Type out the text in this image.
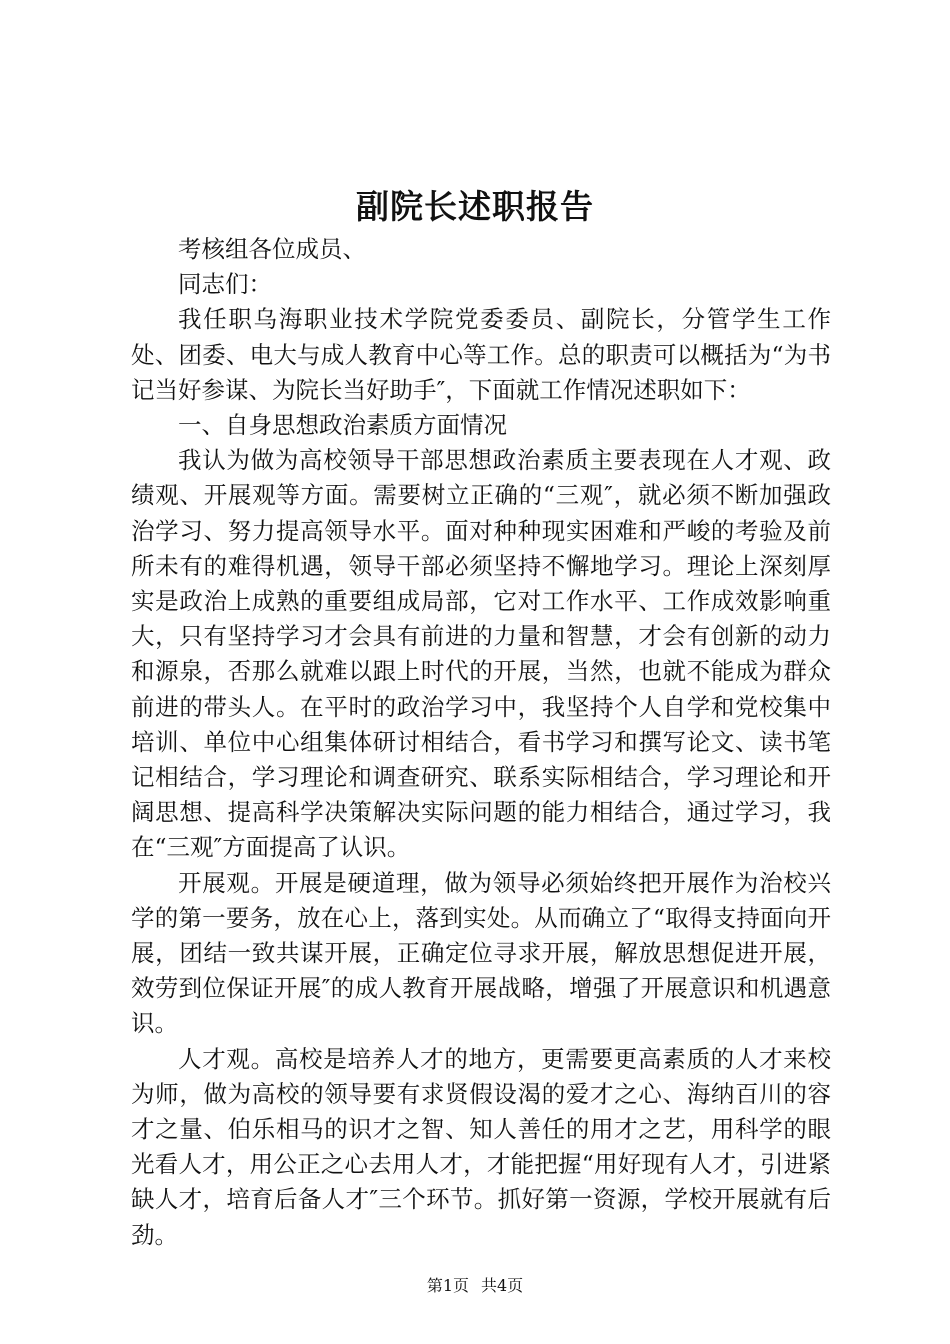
副院长述职报告

考核组各位成员、

同志们：

我任职乌海职业技术学院党委委员、副院长，分管学生工作处、团委、电大与成人教育中心等工作。总的职责可以概括为“为书记当好参谋、为院长当好助手″，下面就工作情况述职如下：

一、自身思想政治素质方面情况

我认为做为高校领导干部思想政治素质主要表现在人才观、政绩观、开展观等方面。需要树立正确的“三观″，就必须不断加强政治学习、努力提高领导水平。面对种种现实困难和严峻的考验及前所未有的难得机遇，领导干部必须坚持不懈地学习。理论上深刻厚实是政治上成熟的重要组成局部，它对工作水平、工作成效影响重大，只有坚持学习才会具有前进的力量和智慧，才会有创新的动力和源泉，否那么就难以跟上时代的开展，当然，也就不能成为群众前进的带头人。在平时的政治学习中，我坚持个人自学和党校集中培训、单位中心组集体研讨相结合，看书学习和撰写论文、读书笔记相结合，学习理论和调查研究、联系实际相结合，学习理论和开阔思想、提高科学决策解决实际问题的能力相结合，通过学习，我在“三观″方面提高了认识。

开展观。开展是硬道理，做为领导必须始终把开展作为治校兴学的第一要务，放在心上，落到实处。从而确立了“取得支持面向开展，团结一致共谋开展，正确定位寻求开展，解放思想促进开展，效劳到位保证开展″的成人教育开展战略，增强了开展意识和机遇意识。

人才观。高校是培养人才的地方，更需要更高素质的人才来校为师，做为高校的领导要有求贤假设渴的爱才之心、海纳百川的容才之量、伯乐相马的识才之智、知人善任的用才之艺，用科学的眼光看人才，用公正之心去用人才，才能把握“用好现有人才，引进紧缺人才，培育后备人才″三个环节。抓好第一资源，学校开展就有后劲。

第1页 共4页
